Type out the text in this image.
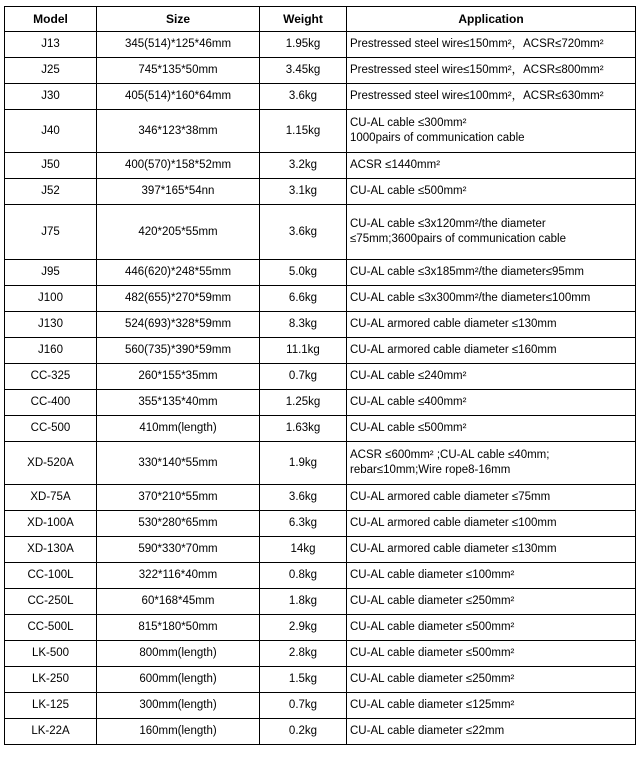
Model	Size	Weight	Application
J13	345(514)*125*46mm	1.95kg	Prestressed steel wire≤150mm²，ACSR≤720mm²
J25	745*135*50mm	3.45kg	Prestressed steel wire≤150mm²，ACSR≤800mm²
J30	405(514)*160*64mm	3.6kg	Prestressed steel wire≤100mm²，ACSR≤630mm²
J40	346*123*38mm	1.15kg	CU-AL cable ≤300mm²
1000pairs of communication cable
J50	400(570)*158*52mm	3.2kg	ACSR ≤1440mm²
J52	397*165*54nn	3.1kg	CU-AL cable ≤500mm²
J75	420*205*55mm	3.6kg	CU-AL cable ≤3x120mm²/the diameter
≤75mm;3600pairs of communication cable
J95	446(620)*248*55mm	5.0kg	CU-AL cable ≤3x185mm²/the diameter≤95mm
J100	482(655)*270*59mm	6.6kg	CU-AL cable ≤3x300mm²/the diameter≤100mm
J130	524(693)*328*59mm	8.3kg	CU-AL armored cable diameter ≤130mm
J160	560(735)*390*59mm	11.1kg	CU-AL armored cable diameter ≤160mm
CC-325	260*155*35mm	0.7kg	CU-AL cable ≤240mm²
CC-400	355*135*40mm	1.25kg	CU-AL cable ≤400mm²
CC-500	410mm(length)	1.63kg	CU-AL cable ≤500mm²
XD-520A	330*140*55mm	1.9kg	ACSR ≤600mm² ;CU-AL cable ≤40mm;
rebar≤10mm;Wire rope8-16mm
XD-75A	370*210*55mm	3.6kg	CU-AL armored cable diameter ≤75mm
XD-100A	530*280*65mm	6.3kg	CU-AL armored cable diameter ≤100mm
XD-130A	590*330*70mm	14kg	CU-AL armored cable diameter ≤130mm
CC-100L	322*116*40mm	0.8kg	CU-AL cable diameter ≤100mm²
CC-250L	60*168*45mm	1.8kg	CU-AL cable diameter ≤250mm²
CC-500L	815*180*50mm	2.9kg	CU-AL cable diameter ≤500mm²
LK-500	800mm(length)	2.8kg	CU-AL cable diameter ≤500mm²
LK-250	600mm(length)	1.5kg	CU-AL cable diameter ≤250mm²
LK-125	300mm(length)	0.7kg	CU-AL cable diameter ≤125mm²
LK-22A	160mm(length)	0.2kg	CU-AL cable diameter ≤22mm
